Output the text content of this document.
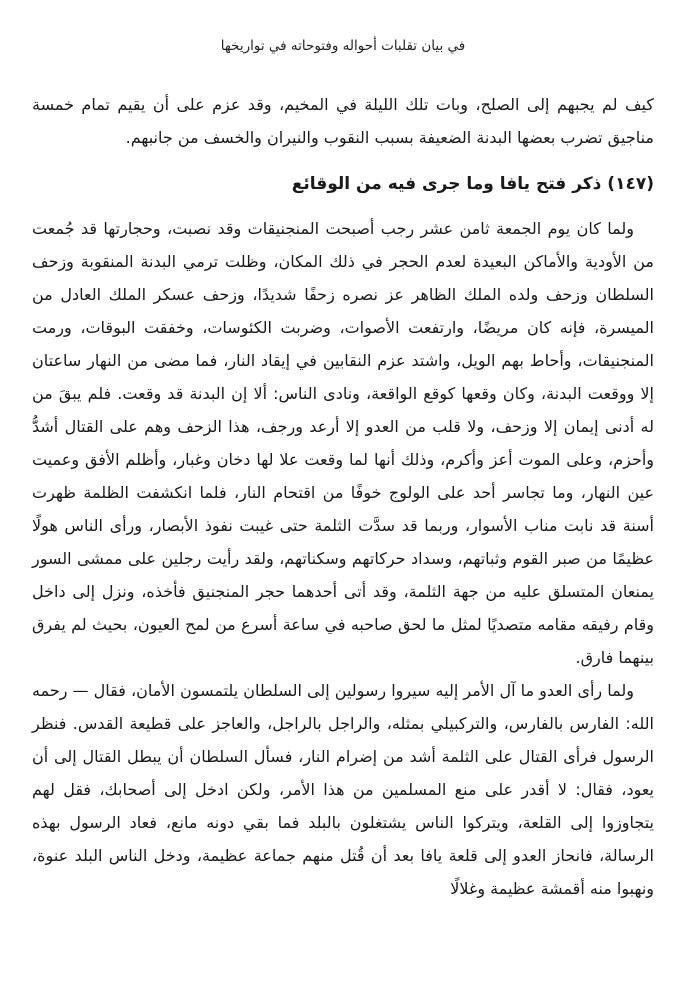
في بيان تقلبات أحواله وفتوحاته في تواريخها

كيف لم يجبهم إلى الصلح، وبات تلك الليلة في المخيم، وقد عزم على أن يقيم تمام خمسة مناجيق تضرب بعضها البدنة الضعيفة بسبب النقوب والنيران والخسف من جانبهم.

(١٤٧) ذكر فتح يافا وما جرى فيه من الوقائع

ولما كان يوم الجمعة ثامن عشر رجب أصبحت المنجنيقات وقد نصبت، وحجارتها قد جُمعت من الأودية والأماكن البعيدة لعدم الحجر في ذلك المكان، وظلت ترمي البدنة المنقوبة وزحف السلطان وزحف ولده الملك الظاهر عز نصره زحفًا شديدًا، وزحف عسكر الملك العادل من الميسرة، فإنه كان مريضًا، وارتفعت الأصوات، وضربت الكئوسات، وخفقت البوقات، ورمت المنجنيقات، وأحاط بهم الويل، واشتد عزم النقابين في إيقاد النار، فما مضى من النهار ساعتان إلا ووقعت البدنة، وكان وقعها كوقع الواقعة، ونادى الناس: ألا إن البدنة قد وقعت. فلم يبقَ من له أدنى إيمان إلا وزحف، ولا قلب من العدو إلا أرعد ورجف، هذا الزحف وهم على القتال أشدُّ وأحزم، وعلى الموت أعز وأكرم، وذلك أنها لما وقعت علا لها دخان وغبار، وأظلم الأفق وعميت عين النهار، وما تجاسر أحد على الولوج خوفًا من اقتحام النار، فلما انكشفت الظلمة ظهرت أسنة قد نابت مناب الأسوار، وربما قد سدَّت الثلمة حتى غيبت نفوذ الأبصار، ورأى الناس هولًا عظيمًا من صبر القوم وثباتهم، وسداد حركاتهم وسكناتهم، ولقد رأيت رجلين على ممشى السور يمنعان المتسلق عليه من جهة الثلمة، وقد أتى أحدهما حجر المنجنيق فأخذه، ونزل إلى داخل وقام رفيقه مقامه متصديًا لمثل ما لحق صاحبه في ساعة أسرع من لمح العيون، بحيث لم يفرق بينهما فارق.

ولما رأى العدو ما آل الأمر إليه سيروا رسولين إلى السلطان يلتمسون الأمان، فقال — رحمه الله: الفارس بالفارس، والتركبيلي بمثله، والراجل بالراجل، والعاجز على قطيعة القدس. فنظر الرسول فرأى القتال على الثلمة أشد من إضرام النار، فسأل السلطان أن يبطل القتال إلى أن يعود، فقال: لا أقدر على منع المسلمين من هذا الأمر، ولكن ادخل إلى أصحابك، فقل لهم يتجاوزوا إلى القلعة، ويتركوا الناس يشتغلون بالبلد فما بقي دونه مانع، فعاد الرسول بهذه الرسالة، فانحاز العدو إلى قلعة يافا بعد أن قُتل منهم جماعة عظيمة، ودخل الناس البلد عنوة، ونهبوا منه أقمشة عظيمة وغلالًا
